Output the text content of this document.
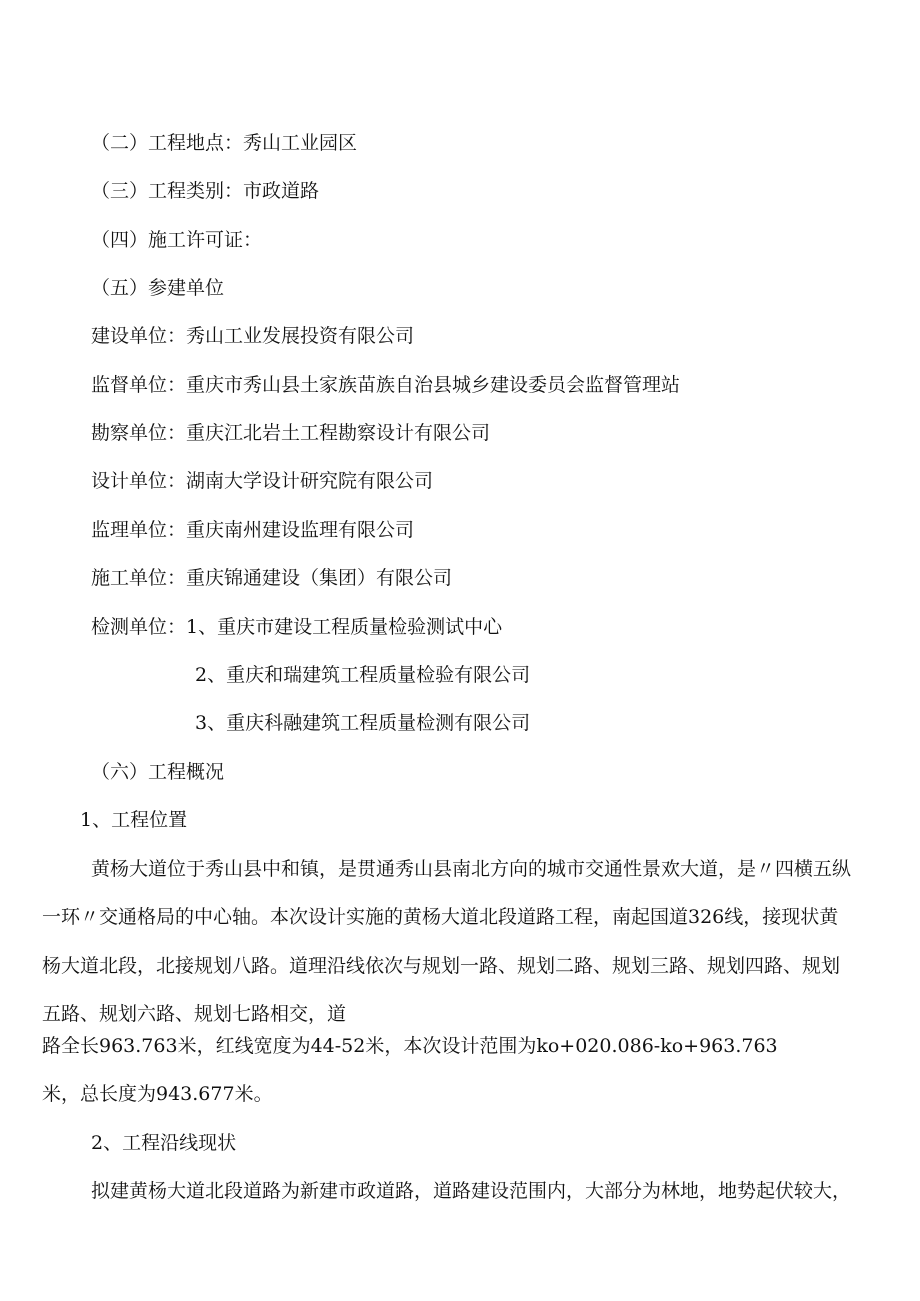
（二）工程地点：秀山工业园区

（三）工程类别：市政道路

（四）施工许可证：

（五）参建单位

建设单位：秀山工业发展投资有限公司

监督单位：重庆市秀山县土家族苗族自治县城乡建设委员会监督管理站

勘察单位：重庆江北岩土工程勘察设计有限公司

设计单位：湖南大学设计研究院有限公司

监理单位：重庆南州建设监理有限公司

施工单位：重庆锦通建设（集团）有限公司

检测单位：1、重庆市建设工程质量检验测试中心

2、重庆和瑞建筑工程质量检验有限公司

3、重庆科融建筑工程质量检测有限公司

（六）工程概况

1、工程位置

黄杨大道位于秀山县中和镇，是贯通秀山县南北方向的城市交通性景欢大道，是〃四横五纵

一环〃交通格局的中心轴。本次设计实施的黄杨大道北段道路工程，南起国道326线，接现状黄

杨大道北段，北接规划八路。道理沿线依次与规划一路、规划二路、规划三路、规划四路、规划

五路、规划六路、规划七路相交，道

路全长963.763米，红线宽度为44-52米，本次设计范围为ko+020.086-ko+963.763

米，总长度为943.677米。

2、工程沿线现状

拟建黄杨大道北段道路为新建市政道路，道路建设范围内，大部分为林地，地势起伏较大，
